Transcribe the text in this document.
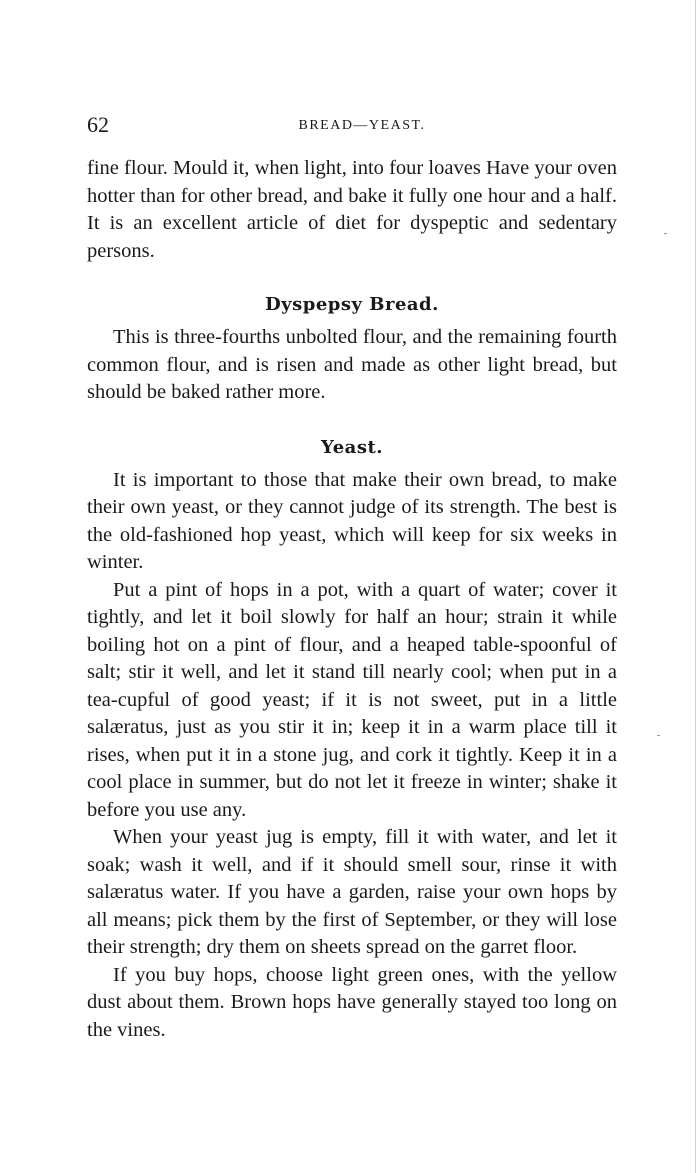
62	BREAD—YEAST.

fine flour. Mould it, when light, into four loaves Have your oven hotter than for other bread, and bake it fully one hour and a half. It is an excellent article of diet for dyspeptic and sedentary persons.

Dyspepsy Bread.

This is three-fourths unbolted flour, and the remaining fourth common flour, and is risen and made as other light bread, but should be baked rather more.

Yeast.

It is important to those that make their own bread, to make their own yeast, or they cannot judge of its strength. The best is the old-fashioned hop yeast, which will keep for six weeks in winter.

Put a pint of hops in a pot, with a quart of water; cover it tightly, and let it boil slowly for half an hour; strain it while boiling hot on a pint of flour, and a heaped table-spoonful of salt; stir it well, and let it stand till nearly cool; when put in a tea-cupful of good yeast; if it is not sweet, put in a little salæratus, just as you stir it in; keep it in a warm place till it rises, when put it in a stone jug, and cork it tightly. Keep it in a cool place in summer, but do not let it freeze in winter; shake it before you use any.

When your yeast jug is empty, fill it with water, and let it soak; wash it well, and if it should smell sour, rinse it with salæratus water. If you have a garden, raise your own hops by all means; pick them by the first of September, or they will lose their strength; dry them on sheets spread on the garret floor.

If you buy hops, choose light green ones, with the yellow dust about them. Brown hops have generally stayed too long on the vines.
